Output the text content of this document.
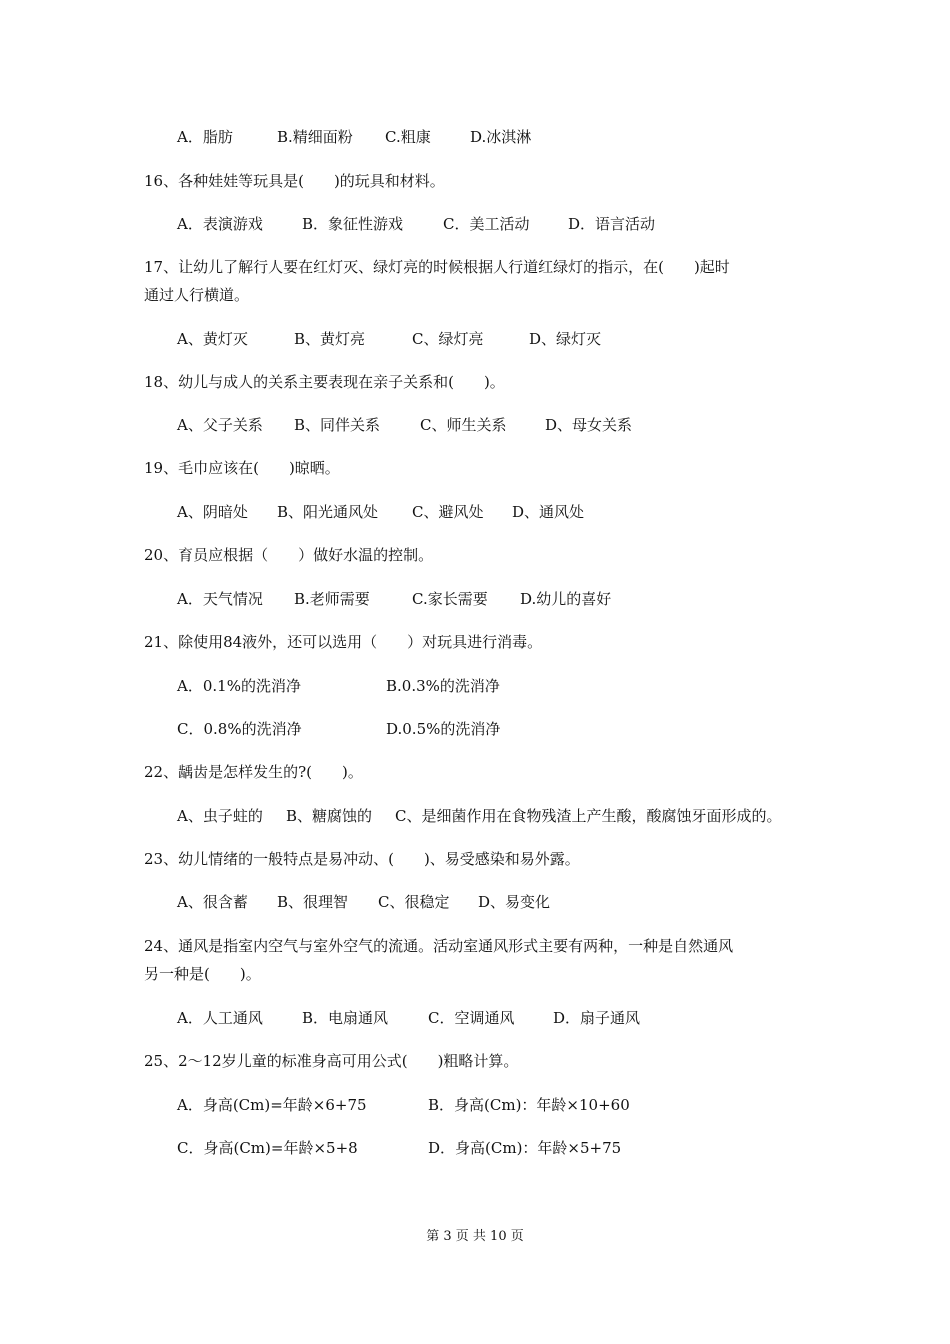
A．脂肪	B.精细面粉 C.粗康	D.冰淇淋
16、各种娃娃等玩具是(　　)的玩具和材料。
A．表演游戏	B．象征性游戏	C．美工活动	D．语言活动
17、让幼儿了解行人要在红灯灭、绿灯亮的时候根据人行道红绿灯的指示，在(　　)起时
通过人行横道。
A、黄灯灭	B、黄灯亮	C、绿灯亮	D、绿灯灭
18、幼儿与成人的关系主要表现在亲子关系和(　　)。
A、父子关系 B、同伴关系	C、师生关系	D、母女关系
19、毛巾应该在(　　)晾晒。
A、阴暗处 B、阳光通风处 C、避风处 D、通风处
20、育员应根据（　　）做好水温的控制。
A．天气情况 B.老师需要	C.家长需要 D.幼儿的喜好
21、除使用84液外，还可以选用（　　）对玩具进行消毒。
A．0.1%的洗消净	B.0.3%的洗消净
C．0.8%的洗消净	D.0.5%的洗消净
22、龋齿是怎样发生的?(　　)。
A、虫子蛀的 B、糖腐蚀的 C、是细菌作用在食物残渣上产生酸，酸腐蚀牙面形成的。
23、幼儿情绪的一般特点是易冲动、(　　)、易受感染和易外露。
A、很含蓄 B、很理智 C、很稳定 D、易变化
24、通风是指室内空气与室外空气的流通。活动室通风形式主要有两种，一种是自然通风
另一种是(　　)。
A．人工通风	B．电扇通风	C．空调通风	D．扇子通风
25、2～12岁儿童的标准身高可用公式(　　)粗略计算。
A．身高(Cm)=年龄×6+75	B．身高(Cm)：年龄×10+60
C．身高(Cm)=年龄×5+8	D．身高(Cm)：年龄×5+75
第 3 页 共 10 页
